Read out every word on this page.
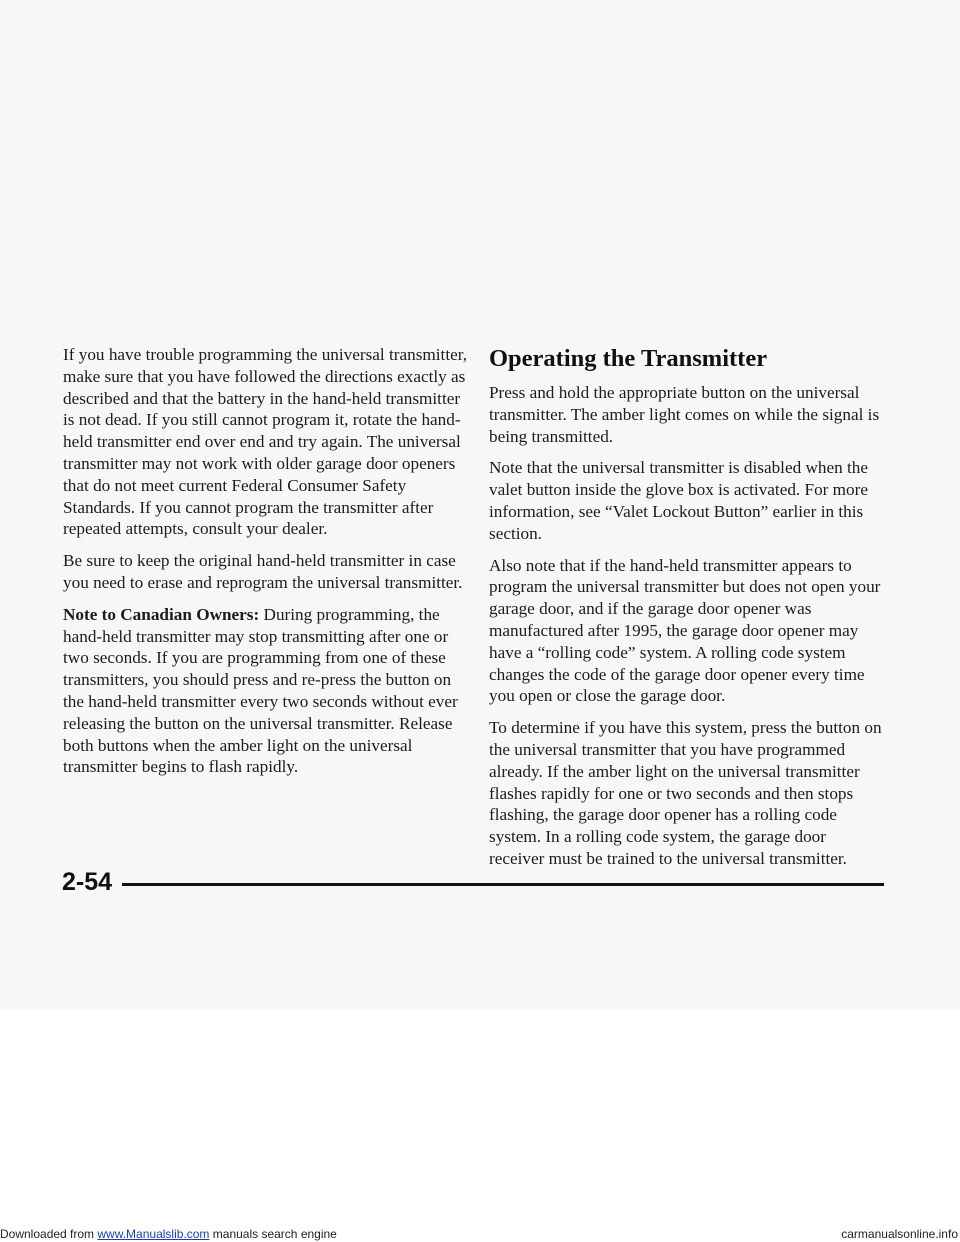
If you have trouble programming the universal transmitter, make sure that you have followed the directions exactly as described and that the battery in the hand-held transmitter is not dead. If you still cannot program it, rotate the hand-held transmitter end over end and try again. The universal transmitter may not work with older garage door openers that do not meet current Federal Consumer Safety Standards. If you cannot program the transmitter after repeated attempts, consult your dealer.

Be sure to keep the original hand-held transmitter in case you need to erase and reprogram the universal transmitter.

Note to Canadian Owners: During programming, the hand-held transmitter may stop transmitting after one or two seconds. If you are programming from one of these transmitters, you should press and re-press the button on the hand-held transmitter every two seconds without ever releasing the button on the universal transmitter. Release both buttons when the amber light on the universal transmitter begins to flash rapidly.

Operating the Transmitter

Press and hold the appropriate button on the universal transmitter. The amber light comes on while the signal is being transmitted.

Note that the universal transmitter is disabled when the valet button inside the glove box is activated. For more information, see “Valet Lockout Button” earlier in this section.

Also note that if the hand-held transmitter appears to program the universal transmitter but does not open your garage door, and if the garage door opener was manufactured after 1995, the garage door opener may have a “rolling code” system. A rolling code system changes the code of the garage door opener every time you open or close the garage door.

To determine if you have this system, press the button on the universal transmitter that you have programmed already. If the amber light on the universal transmitter flashes rapidly for one or two seconds and then stops flashing, the garage door opener has a rolling code system. In a rolling code system, the garage door receiver must be trained to the universal transmitter.

2-54
Downloaded from www.Manualslib.com manuals search engine	carmanualsonline.info
